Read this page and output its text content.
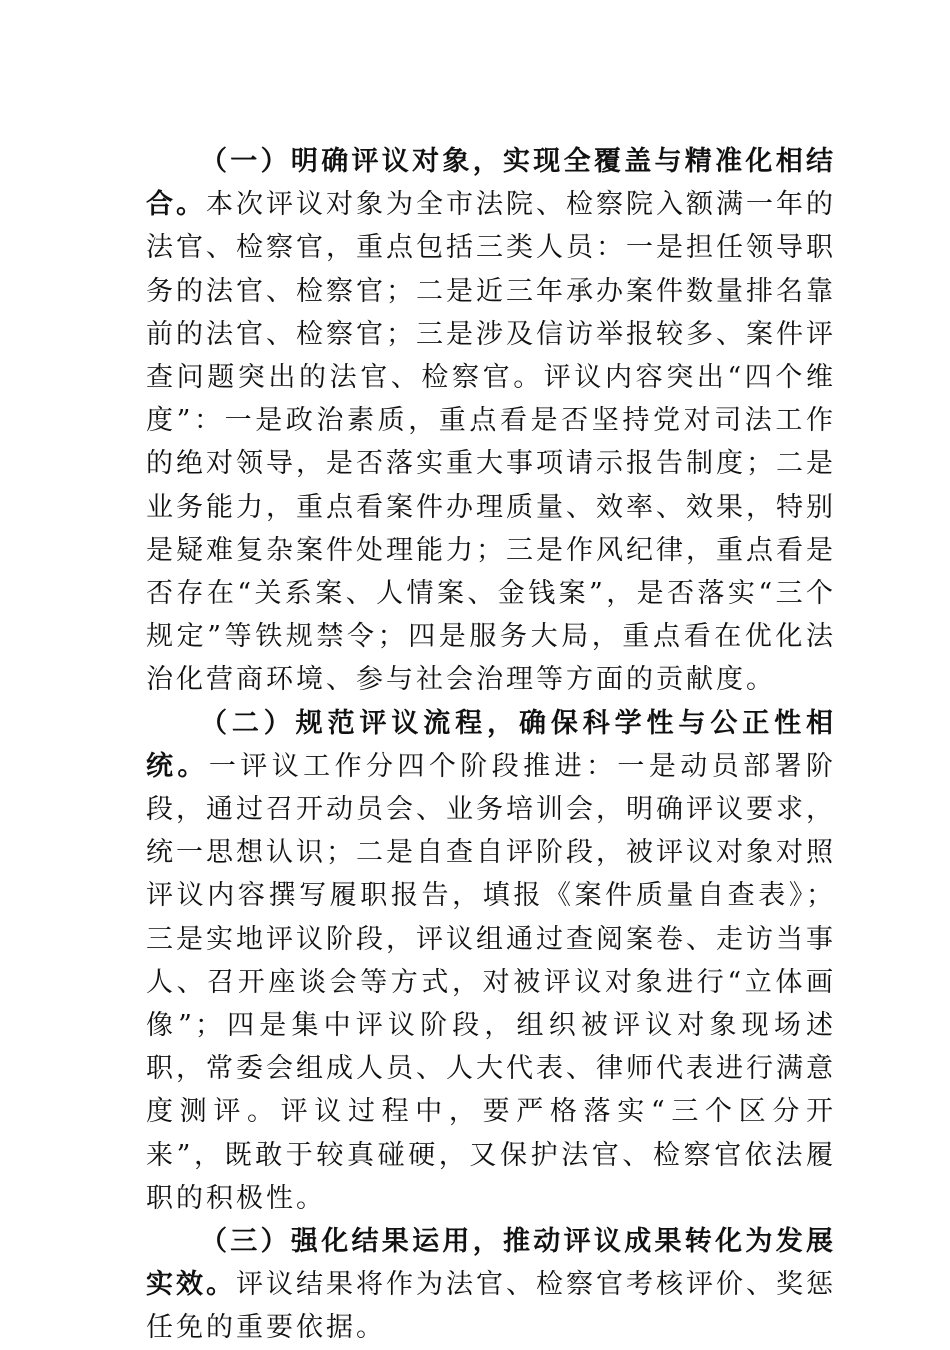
（一）明确评议对象，实现全覆盖与精准化相结合。本次评议对象为全市法院、检察院入额满一年的法官、检察官，重点包括三类人员：一是担任领导职务的法官、检察官；二是近三年承办案件数量排名靠前的法官、检察官；三是涉及信访举报较多、案件评查问题突出的法官、检察官。评议内容突出“四个维度”：一是政治素质，重点看是否坚持党对司法工作的绝对领导，是否落实重大事项请示报告制度；二是业务能力，重点看案件办理质量、效率、效果，特别是疑难复杂案件处理能力；三是作风纪律，重点看是否存在“关系案、人情案、金钱案”，是否落实“三个规定”等铁规禁令；四是服务大局，重点看在优化法治化营商环境、参与社会治理等方面的贡献度。

（二）规范评议流程，确保科学性与公正性相统。一评议工作分四个阶段推进：一是动员部署阶段，通过召开动员会、业务培训会，明确评议要求，统一思想认识；二是自查自评阶段，被评议对象对照评议内容撰写履职报告，填报《案件质量自查表》；三是实地评议阶段，评议组通过查阅案卷、走访当事人、召开座谈会等方式，对被评议对象进行“立体画像”；四是集中评议阶段，组织被评议对象现场述职，常委会组成人员、人大代表、律师代表进行满意度测评。评议过程中，要严格落实“三个区分开来”，既敢于较真碰硬，又保护法官、检察官依法履职的积极性。

（三）强化结果运用，推动评议成果转化为发展实效。评议结果将作为法官、检察官考核评价、奖惩任免的重要依据。
